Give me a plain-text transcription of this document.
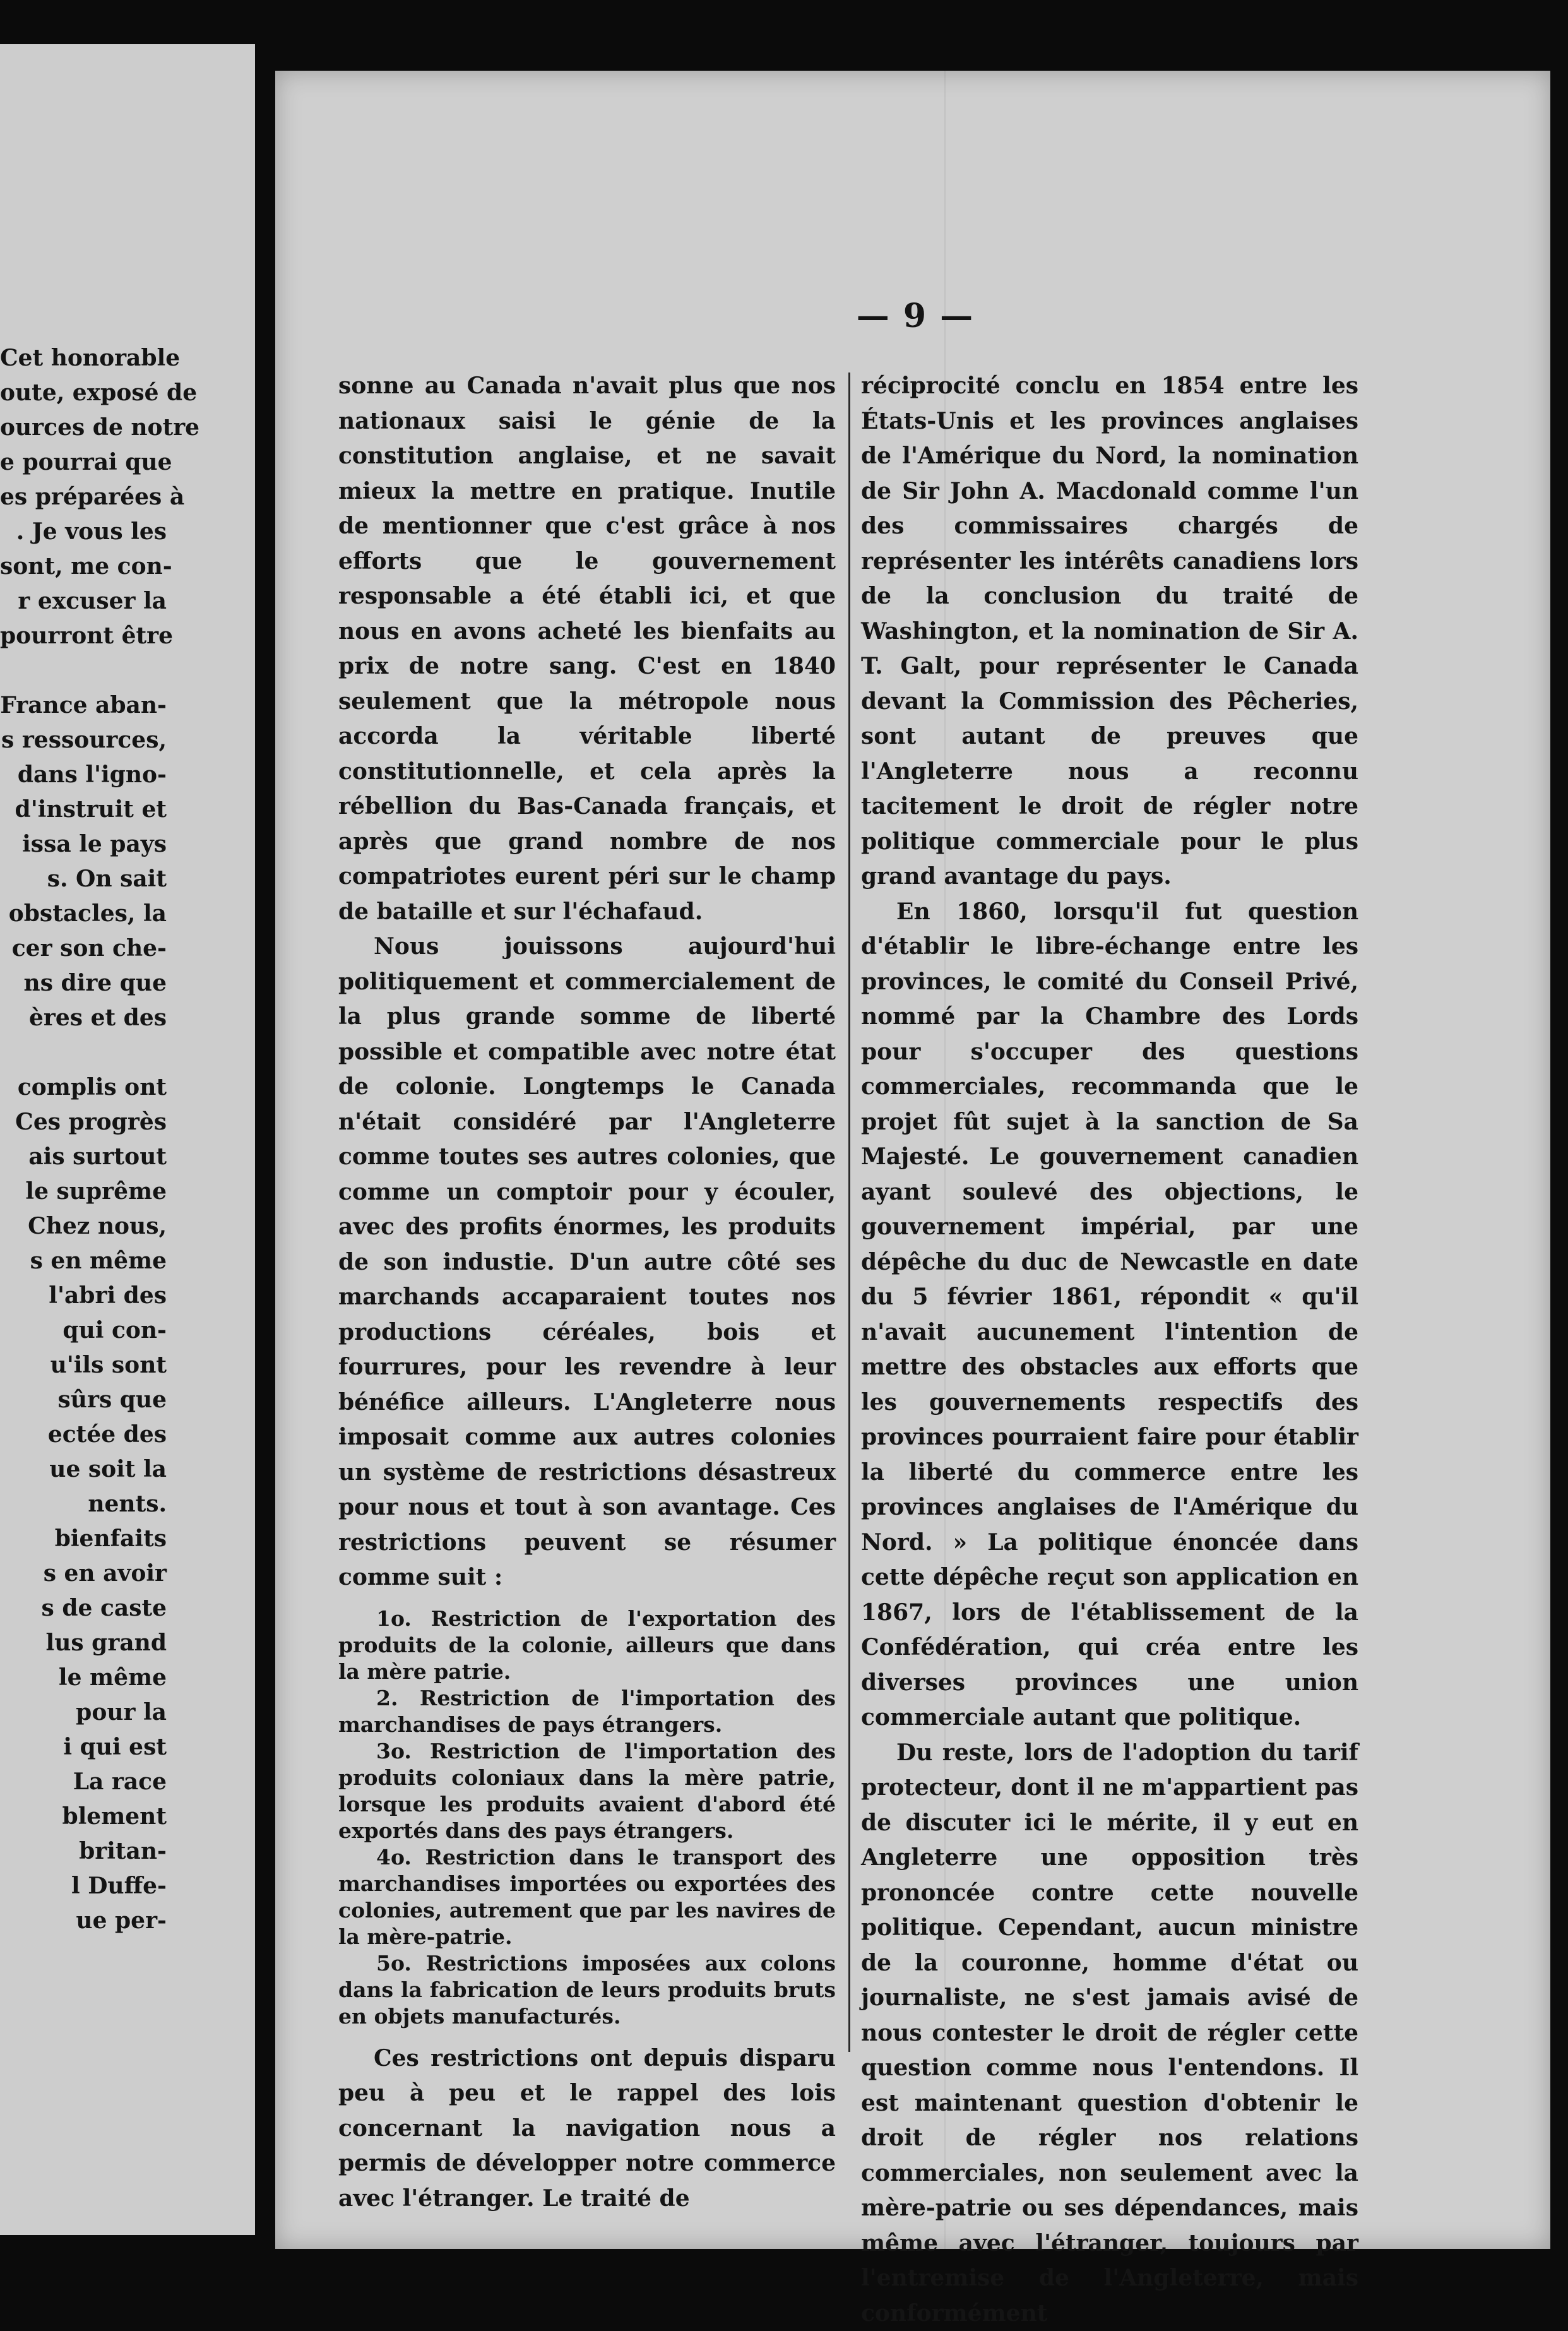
Cet honorable
oute, exposé de
ources de notre
e pourrai que
es préparées à
. Je vous les
sont, me con-
r excuser la
pourront être
France aban-
s ressources,
dans l'igno-
d'instruit et
issa le pays
s. On sait
obstacles, la
cer son che-
ns dire que
ères et des
complis ont
Ces progrès
ais surtout
le suprême
Chez nous,
s en même
l'abri des
qui con-
u'ils sont
sûrs que
ectée des
ue soit la
nents.
bienfaits
s en avoir
s de caste
lus grand
le même
pour la
i qui est
La race
blement
britan-
l Duffe-
ue per-
— 9 —

sonne au Canada n'avait plus que nos nationaux saisi le génie de la constitution anglaise, et ne savait mieux la mettre en pratique. Inutile de mentionner que c'est grâce à nos efforts que le gouvernement responsable a été établi ici, et que nous en avons acheté les bienfaits au prix de notre sang. C'est en 1840 seulement que la métropole nous accorda la véritable liberté constitutionnelle, et cela après la rébellion du Bas-Canada français, et après que grand nombre de nos compatriotes eurent péri sur le champ de bataille et sur l'échafaud.

Nous jouissons aujourd'hui politiquement et commercialement de la plus grande somme de liberté possible et compatible avec notre état de colonie. Longtemps le Canada n'était considéré par l'Angleterre comme toutes ses autres colonies, que comme un comptoir pour y écouler, avec des profits énormes, les produits de son industie. D'un autre côté ses marchands accaparaient toutes nos productions céréales, bois et fourrures, pour les revendre à leur bénéfice ailleurs. L'Angleterre nous imposait comme aux autres colonies un système de restrictions désastreux pour nous et tout à son avantage. Ces restrictions peuvent se résumer comme suit :

1o. Restriction de l'exportation des produits de la colonie, ailleurs que dans la mère patrie.
2. Restriction de l'importation des marchandises de pays étrangers.
3o. Restriction de l'importation des produits coloniaux dans la mère patrie, lorsque les produits avaient d'abord été exportés dans des pays étrangers.
4o. Restriction dans le transport des marchandises importées ou exportées des colonies, autrement que par les navires de la mère-patrie.
5o. Restrictions imposées aux colons dans la fabrication de leurs produits bruts en objets manufacturés.

Ces restrictions ont depuis disparu peu à peu et le rappel des lois concernant la navigation nous a permis de développer notre commerce avec l'étranger. Le traité de

réciprocité conclu en 1854 entre les États-Unis et les provinces anglaises de l'Amérique du Nord, la nomination de Sir John A. Macdonald comme l'un des commissaires chargés de représenter les intérêts canadiens lors de la conclusion du traité de Washington, et la nomination de Sir A. T. Galt, pour représenter le Canada devant la Commission des Pêcheries, sont autant de preuves que l'Angleterre nous a reconnu tacitement le droit de régler notre politique commerciale pour le plus grand avantage du pays.

En 1860, lorsqu'il fut question d'établir le libre-échange entre les provinces, le comité du Conseil Privé, nommé par la Chambre des Lords pour s'occuper des questions commerciales, recommanda que le projet fût sujet à la sanction de Sa Majesté. Le gouvernement canadien ayant soulevé des objections, le gouvernement impérial, par une dépêche du duc de Newcastle en date du 5 février 1861, répondit « qu'il n'avait aucunement l'intention de mettre des obstacles aux efforts que les gouvernements respectifs des provinces pourraient faire pour établir la liberté du commerce entre les provinces anglaises de l'Amérique du Nord. » La politique énoncée dans cette dépêche reçut son application en 1867, lors de l'établissement de la Confédération, qui créa entre les diverses provinces une union commerciale autant que politique.

Du reste, lors de l'adoption du tarif protecteur, dont il ne m'appartient pas de discuter ici le mérite, il y eut en Angleterre une opposition très prononcée contre cette nouvelle politique. Cependant, aucun ministre de la couronne, homme d'état ou journaliste, ne s'est jamais avisé de nous contester le droit de régler cette question comme nous l'entendons. Il est maintenant question d'obtenir le droit de régler nos relations commerciales, non seulement avec la mère-patrie ou ses dépendances, mais même avec l'étranger, toujours par l'entremise de l'Angleterre, mais conformément
